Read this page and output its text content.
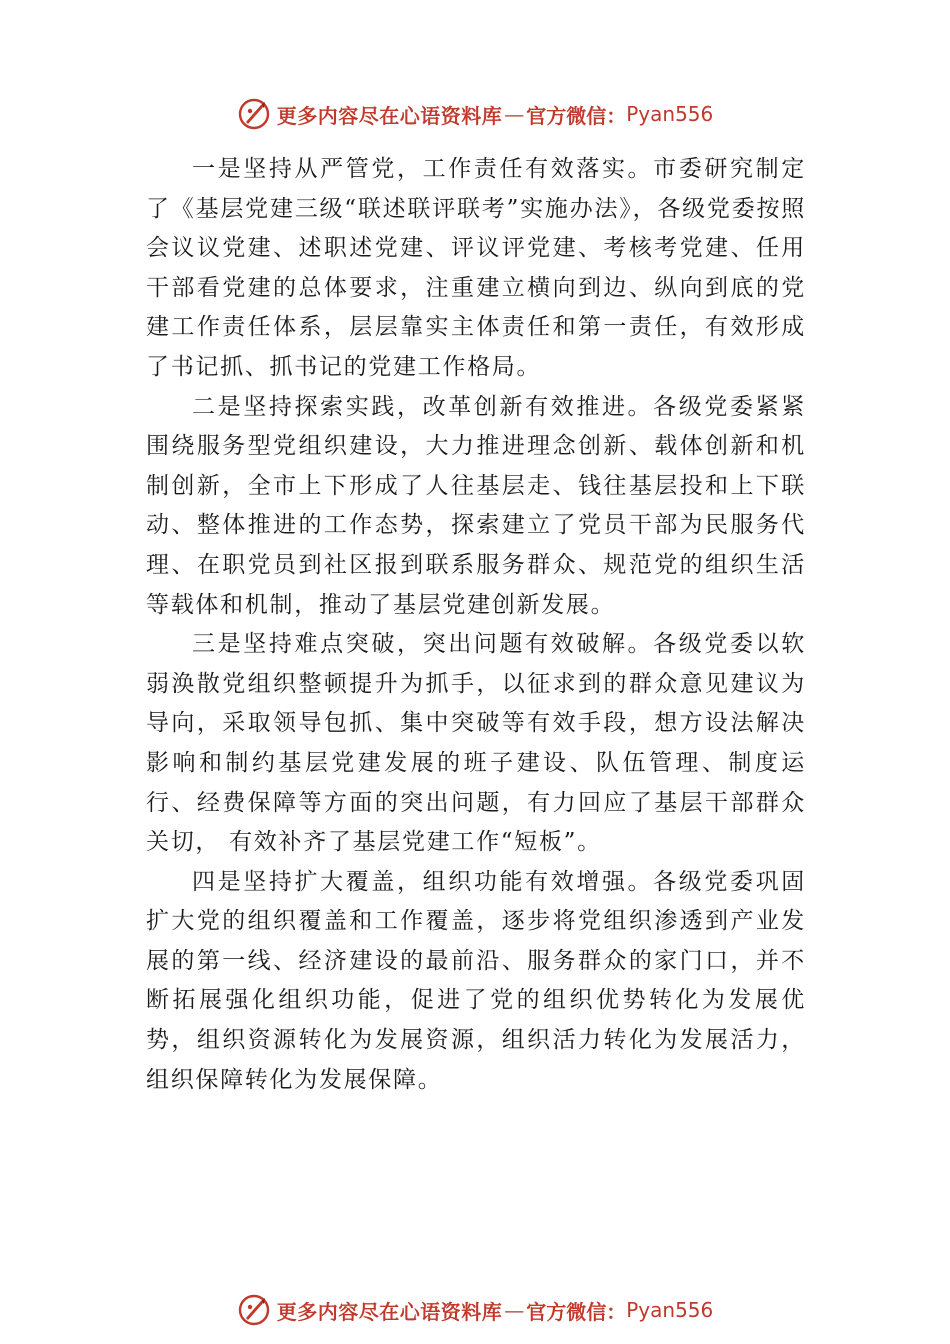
更多内容尽在心语资料库 — 官方微信： Pyan556

一是坚持从严管党，工作责任有效落实。市委研究制定了《基层党建三级“联述联评联考”实施办法》，各级党委按照会议议党建、述职述党建、评议评党建、考核考党建、任用干部看党建的总体要求，注重建立横向到边、纵向到底的党建工作责任体系，层层靠实主体责任和第一责任，有效形成了书记抓、抓书记的党建工作格局。

二是坚持探索实践，改革创新有效推进。各级党委紧紧围绕服务型党组织建设，大力推进理念创新、载体创新和机制创新，全市上下形成了人往基层走、钱往基层投和上下联动、整体推进的工作态势，探索建立了党员干部为民服务代理、在职党员到社区报到联系服务群众、规范党的组织生活等载体和机制，推动了基层党建创新发展。

三是坚持难点突破，突出问题有效破解。各级党委以软弱涣散党组织整顿提升为抓手，以征求到的群众意见建议为导向，采取领导包抓、集中突破等有效手段，想方设法解决影响和制约基层党建发展的班子建设、队伍管理、制度运行、经费保障等方面的突出问题，有力回应了基层干部群众关切， 有效补齐了基层党建工作“短板”。

四是坚持扩大覆盖，组织功能有效增强。各级党委巩固扩大党的组织覆盖和工作覆盖，逐步将党组织渗透到产业发展的第一线、经济建设的最前沿、服务群众的家门口，并不断拓展强化组织功能，促进了党的组织优势转化为发展优势，组织资源转化为发展资源，组织活力转化为发展活力，组织保障转化为发展保障。

更多内容尽在心语资料库 — 官方微信： Pyan556
